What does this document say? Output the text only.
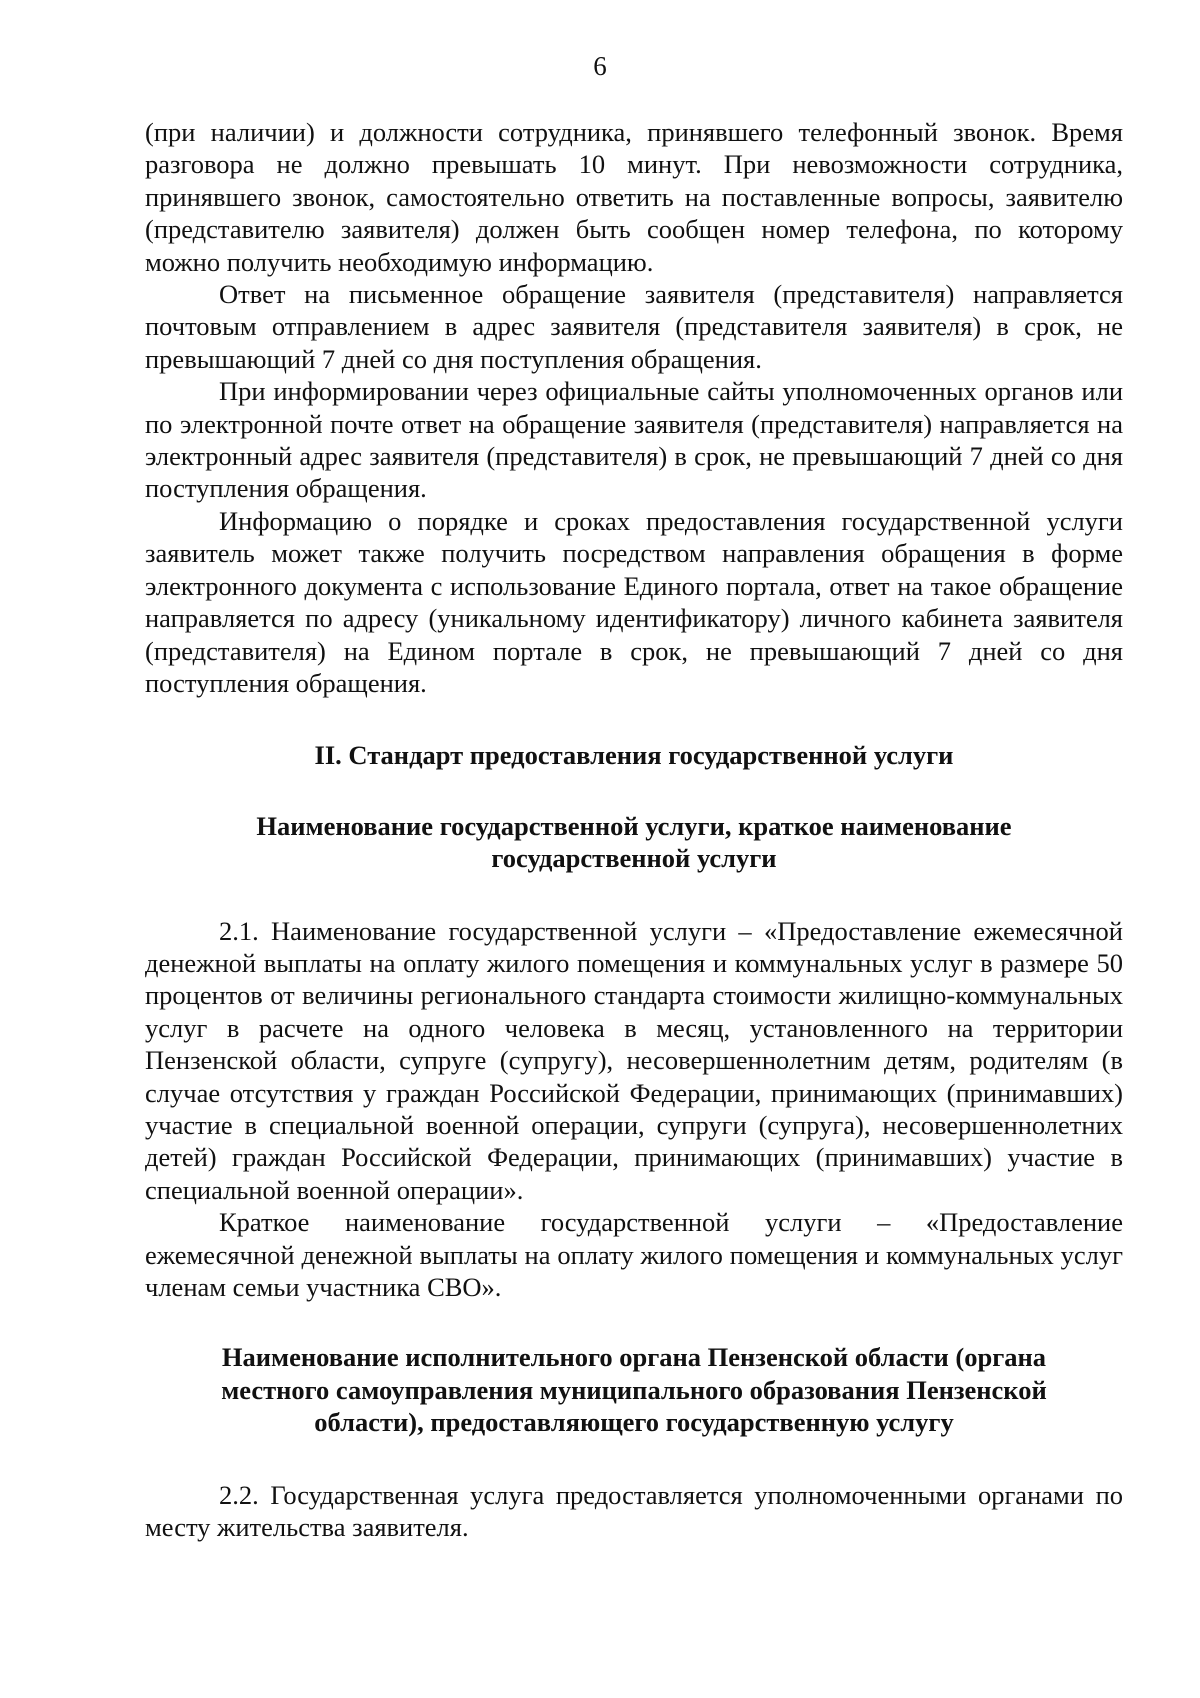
6

(при наличии) и должности сотрудника, принявшего телефонный звонок. Время разговора не должно превышать 10 минут. При невозможности сотрудника, принявшего звонок, самостоятельно ответить на поставленные вопросы, заявителю (представителю заявителя) должен быть сообщен номер телефона, по которому можно получить необходимую информацию.

Ответ на письменное обращение заявителя (представителя) направляется почтовым отправлением в адрес заявителя (представителя заявителя) в срок, не превышающий 7 дней со дня поступления обращения.

При информировании через официальные сайты уполномоченных органов или по электронной почте ответ на обращение заявителя (представителя) направляется на электронный адрес заявителя (представителя) в срок, не превышающий 7 дней со дня поступления обращения.

Информацию о порядке и сроках предоставления государственной услуги заявитель может также получить посредством направления обращения в форме электронного документа с использование Единого портала, ответ на такое обращение направляется по адресу (уникальному идентификатору) личного кабинета заявителя (представителя) на Едином портале в срок, не превышающий 7 дней со дня поступления обращения.

II. Стандарт предоставления государственной услуги
Наименование государственной услуги, краткое наименование государственной услуги

2.1. Наименование государственной услуги – «Предоставление ежемесячной денежной выплаты на оплату жилого помещения и коммунальных услуг в размере 50 процентов от величины регионального стандарта стоимости жилищно-коммунальных услуг в расчете на одного человека в месяц, установленного на территории Пензенской области, супруге (супругу), несовершеннолетним детям, родителям (в случае отсутствия у граждан Российской Федерации, принимающих (принимавших) участие в специальной военной операции, супруги (супруга), несовершеннолетних детей) граждан Российской Федерации, принимающих (принимавших) участие в специальной военной операции».

Краткое наименование государственной услуги – «Предоставление ежемесячной денежной выплаты на оплату жилого помещения и коммунальных услуг членам семьи участника СВО».

Наименование исполнительного органа Пензенской области (органа местного самоуправления муниципального образования Пензенской области), предоставляющего государственную услугу

2.2. Государственная услуга предоставляется уполномоченными органами по месту жительства заявителя.
